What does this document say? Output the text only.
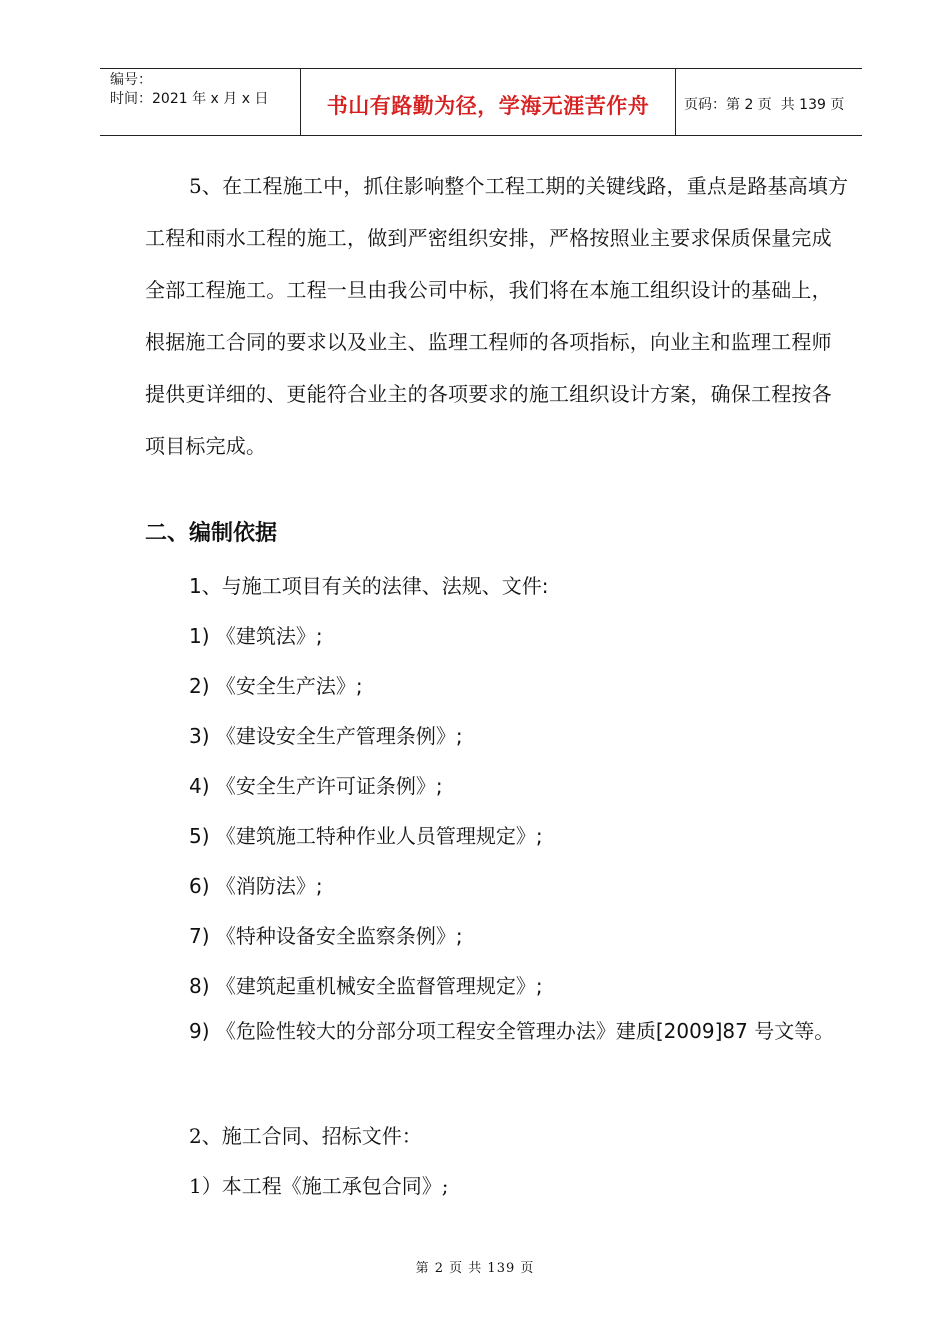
编号：
时间：2021 年 x 月 x 日	书山有路勤为径，学海无涯苦作舟 页码：第 2 页  共 139 页

5、在工程施工中，抓住影响整个工程工期的关键线路，重点是路基高填方工程和雨水工程的施工，做到严密组织安排，严格按照业主要求保质保量完成全部工程施工。工程一旦由我公司中标，我们将在本施工组织设计的基础上，根据施工合同的要求以及业主、监理工程师的各项指标，向业主和监理工程师提供更详细的、更能符合业主的各项要求的施工组织设计方案，确保工程按各项目标完成。

二、编制依据
1、与施工项目有关的法律、法规、文件:
1) 《建筑法》;
2) 《安全生产法》;
3) 《建设安全生产管理条例》;
4) 《安全生产许可证条例》;
5) 《建筑施工特种作业人员管理规定》;
6) 《消防法》;
7) 《特种设备安全监察条例》;
8) 《建筑起重机械安全监督管理规定》;
9) 《危险性较大的分部分项工程安全管理办法》建质[2009]87 号文等。
2、施工合同、招标文件：
1）本工程《施工承包合同》;
第 2 页 共 139 页
